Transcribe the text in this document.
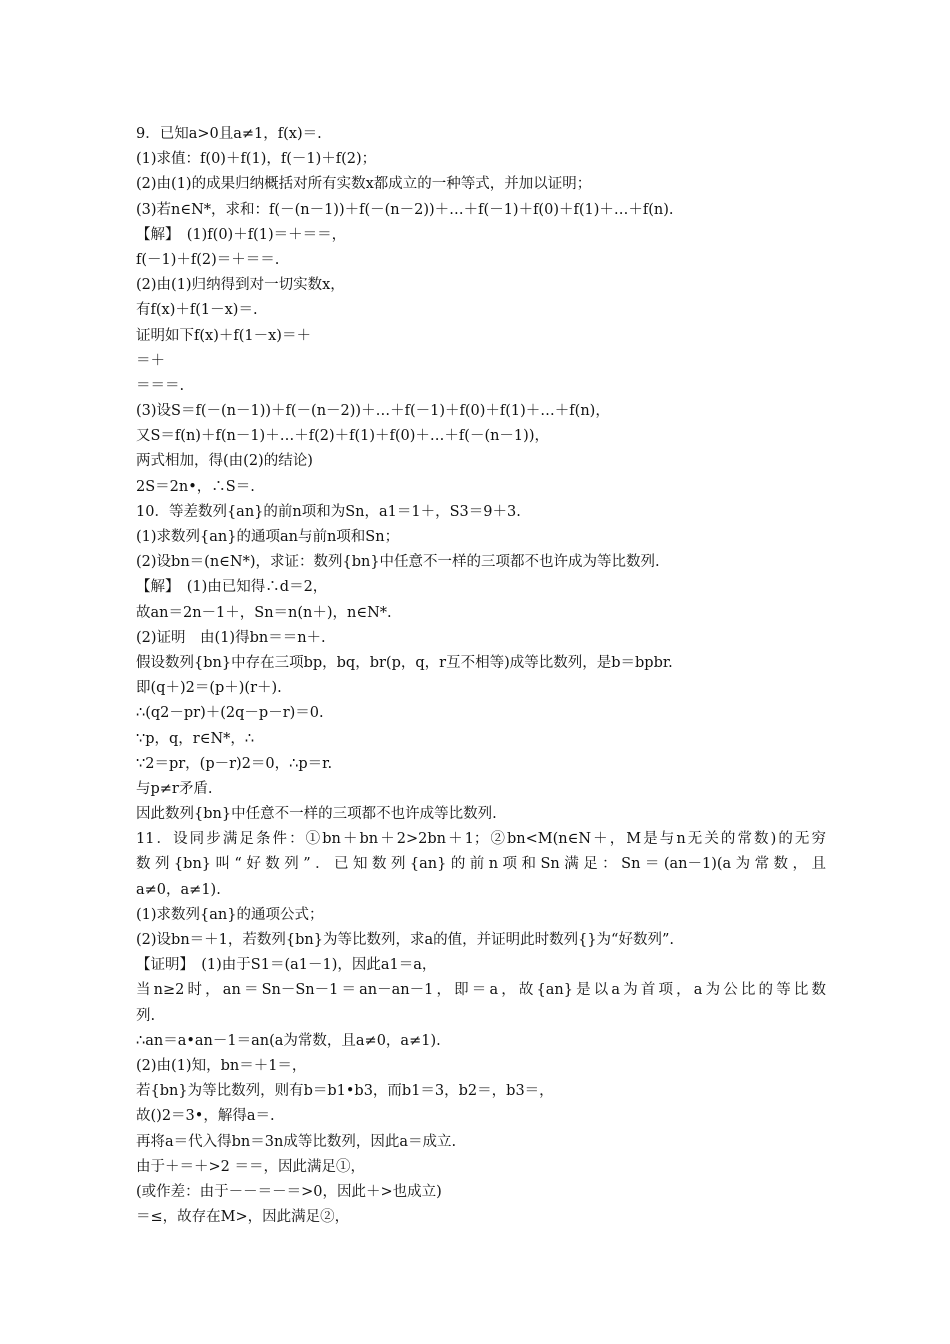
9．已知a>0且a≠1，f(x)＝.
(1)求值：f(0)＋f(1)，f(－1)＋f(2)；
(2)由(1)的成果归纳概括对所有实数x都成立的一种等式，并加以证明；
(3)若n∈N*，求和：f(－(n－1))＋f(－(n－2))＋…＋f(－1)＋f(0)＋f(1)＋…＋f(n).
【解】　(1)f(0)＋f(1)＝＋＝＝，
f(－1)＋f(2)＝＋＝＝.
(2)由(1)归纳得到对一切实数x，
有f(x)＋f(1－x)＝.
证明如下f(x)＋f(1－x)＝＋
＝＋
＝＝＝.
(3)设S＝f(－(n－1))＋f(－(n－2))＋…＋f(－1)＋f(0)＋f(1)＋…＋f(n)，
又S＝f(n)＋f(n－1)＋…＋f(2)＋f(1)＋f(0)＋…＋f(－(n－1))，
两式相加，得(由(2)的结论)
2S＝2n•，∴S＝.
10．等差数列{an}的前n项和为Sn，a1＝1＋，S3＝9＋3.
(1)求数列{an}的通项an与前n项和Sn；
(2)设bn＝(n∈N*)，求证：数列{bn}中任意不一样的三项都不也许成为等比数列.
【解】　(1)由已知得∴d＝2，
故an＝2n－1＋，Sn＝n(n＋)，n∈N*.
(2)证明　由(1)得bn＝＝n＋.
假设数列{bn}中存在三项bp，bq，br(p，q，r互不相等)成等比数列，是b＝bpbr.
即(q＋)2＝(p＋)(r＋).
∴(q2－pr)＋(2q－p－r)＝0.
∵p，q，r∈N*，∴
∵2＝pr，(p－r)2＝0，∴p＝r.
与p≠r矛盾.
因此数列{bn}中任意不一样的三项都不也许成等比数列.
11．设同步满足条件：①bn＋bn＋2>2bn＋1；②bn<M(n∈N＋，M是与n无关的常数)的无穷
数列{bn}叫“好数列”．已知数列{an}的前n项和Sn满足：Sn＝(an－1)(a为常数，且
a≠0，a≠1).
(1)求数列{an}的通项公式；
(2)设bn＝＋1，若数列{bn}为等比数列，求a的值，并证明此时数列{}为“好数列”.
【证明】　(1)由于S1＝(a1－1)，因此a1＝a，
当n≥2时，an＝Sn－Sn－1＝an－an－1，即＝a，故{an}是以a为首项，a为公比的等比数
列.
∴an＝a•an－1＝an(a为常数，且a≠0，a≠1).
(2)由(1)知，bn＝＋1＝，
若{bn}为等比数列，则有b＝b1•b3，而b1＝3，b2＝，b3＝，
故()2＝3•，解得a＝.
再将a＝代入得bn＝3n成等比数列，因此a＝成立.
由于＋＝＋>2 ＝＝，因此满足①，
(或作差：由于－－＝－＝>0，因此＋>也成立)
＝≤，故存在M>，因此满足②，
